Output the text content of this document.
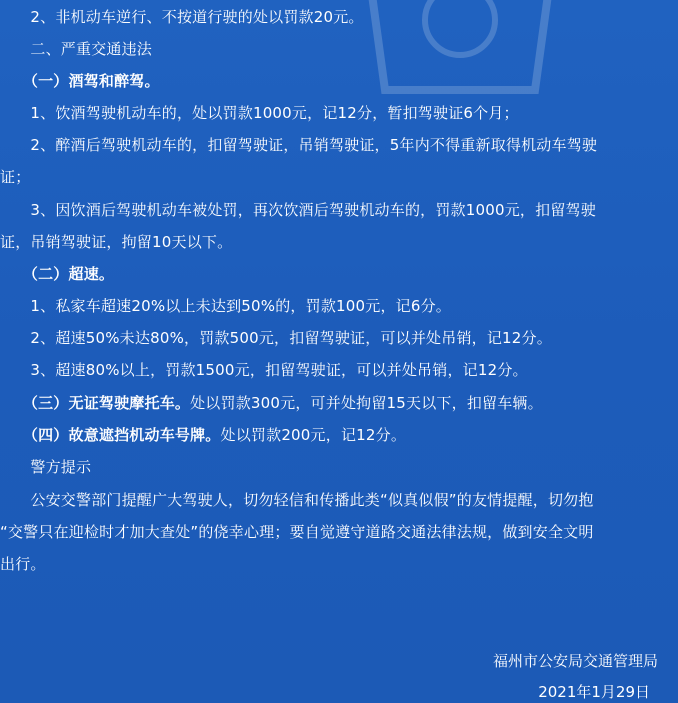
　　2、非机动车逆行、不按道行驶的处以罚款20元。
　　二、严重交通违法
　　（一）酒驾和醉驾。
　　1、饮酒驾驶机动车的，处以罚款1000元，记12分，暂扣驾驶证6个月；
　　2、醉酒后驾驶机动车的，扣留驾驶证，吊销驾驶证，5年内不得重新取得机动车驾驶
证；
　　3、因饮酒后驾驶机动车被处罚，再次饮酒后驾驶机动车的，罚款1000元，扣留驾驶
证，吊销驾驶证，拘留10天以下。
　　（二）超速。
　　1、私家车超速20%以上未达到50%的，罚款100元，记6分。
　　2、超速50%未达80%，罚款500元，扣留驾驶证，可以并处吊销，记12分。
　　3、超速80%以上，罚款1500元，扣留驾驶证，可以并处吊销，记12分。
　　（三）无证驾驶摩托车。处以罚款300元，可并处拘留15天以下，扣留车辆。
　　（四）故意遮挡机动车号牌。处以罚款200元，记12分。
　　警方提示
　　公安交警部门提醒广大驾驶人，切勿轻信和传播此类“似真似假”的友情提醒，切勿抱
“交警只在迎检时才加大查处”的侥幸心理；要自觉遵守道路交通法律法规，做到安全文明
出行。
福州市公安局交通管理局
2021年1月29日
